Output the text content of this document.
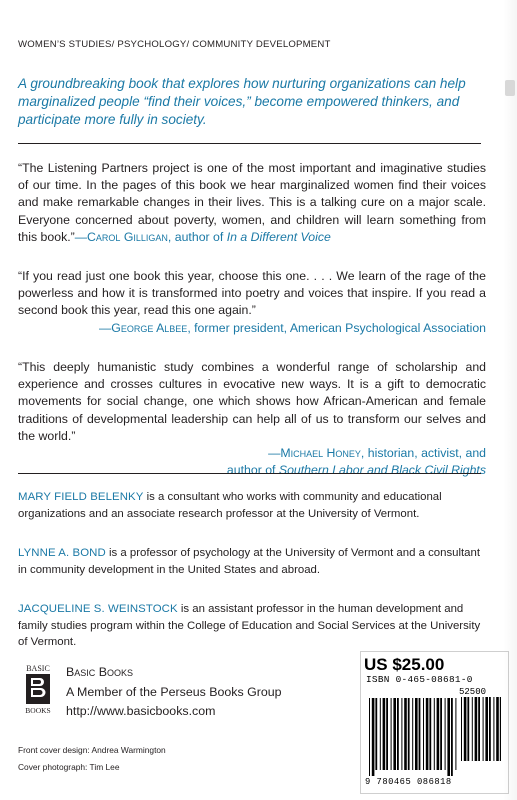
WOMEN’S STUDIES/ PSYCHOLOGY/ COMMUNITY DEVELOPMENT
A groundbreaking book that explores how nurturing organizations can help marginalized people “find their voices,” become empowered thinkers, and participate more fully in society.
“The Listening Partners project is one of the most important and imaginative studies of our time. In the pages of this book we hear marginalized women find their voices and make remarkable changes in their lives. This is a talking cure on a major scale. Everyone concerned about poverty, women, and children will learn something from this book.”—Carol Gilligan, author of In a Different Voice
“If you read just one book this year, choose this one. . . . We learn of the rage of the powerless and how it is transformed into poetry and voices that inspire. If you read a second book this year, read this one again.”
—George Albee, former president, American Psychological Association
“This deeply humanistic study combines a wonderful range of scholarship and experience and crosses cultures in evocative new ways. It is a gift to democratic movements for social change, one which shows how African-American and female traditions of developmental leadership can help all of us to transform our selves and the world.”
—Michael Honey, historian, activist, and
author of Southern Labor and Black Civil Rights
MARY FIELD BELENKY is a consultant who works with community and educational organizations and an associate research professor at the University of Vermont.
LYNNE A. BOND is a professor of psychology at the University of Vermont and a consultant in community development in the United States and abroad.
JACQUELINE S. WEINSTOCK is an assistant professor in the human development and family studies program within the College of Education and Social Services at the University of Vermont.
BASIC
BOOKS
Basic Books
A Member of the Perseus Books Group
http://www.basicbooks.com
Front cover design: Andrea Warmington
Cover photograph: Tim Lee
US $25.00
ISBN 0-465-08681-0
52500
9 780465 086818
